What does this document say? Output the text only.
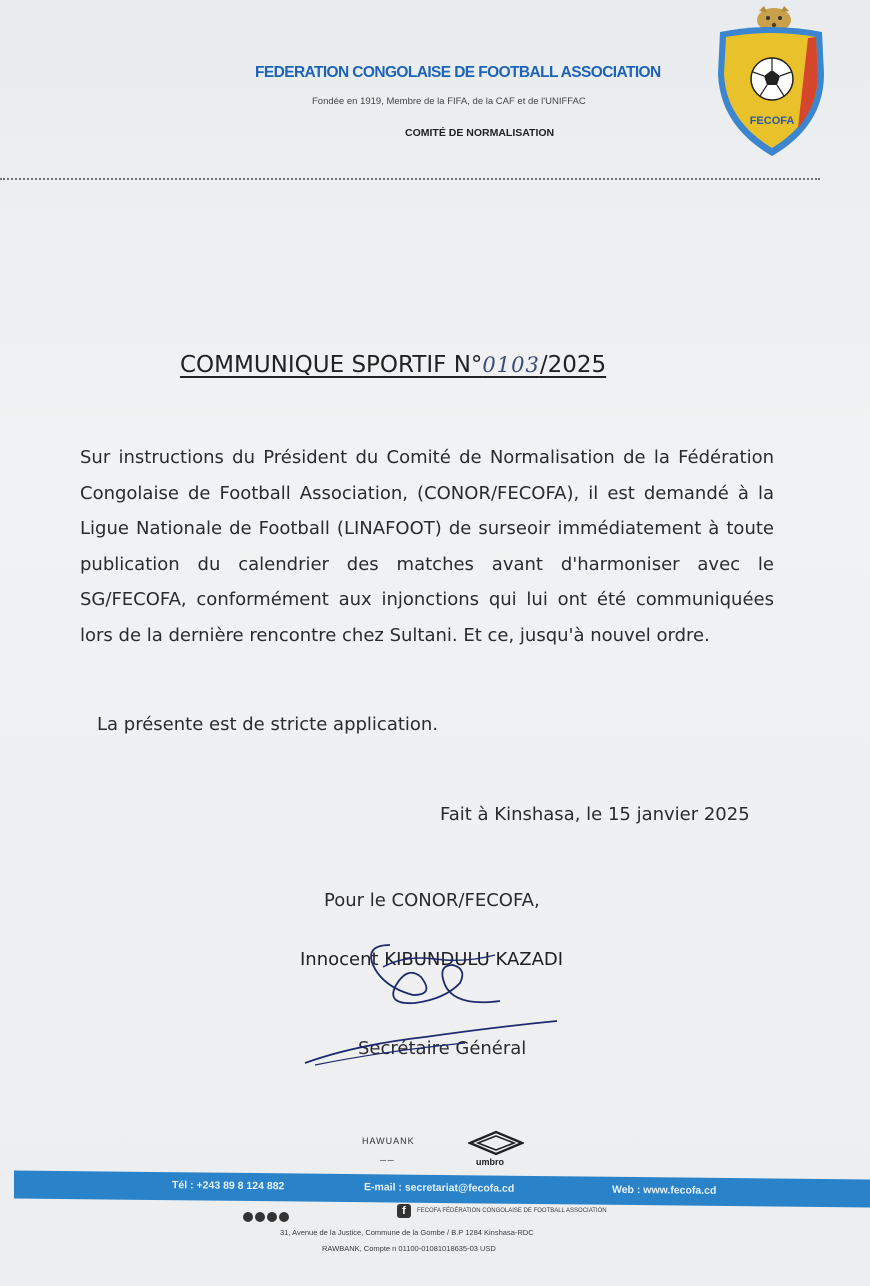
FEDERATION CONGOLAISE DE FOOTBALL ASSOCIATION
Fondée en 1919, Membre de la FIFA, de la CAF et de l'UNIFFAC
COMITÉ DE NORMALISATION
FECOFA
COMMUNIQUE SPORTIF N°0103/2025
Sur instructions du Président du Comité de Normalisation de la Fédération Congolaise de Football Association, (CONOR/FECOFA), il est demandé à la Ligue Nationale de Football (LINAFOOT) de surseoir immédiatement à toute publication du calendrier des matches avant d'harmoniser avec le SG/FECOFA, conformément aux injonctions qui lui ont été communiquées lors de la dernière rencontre chez Sultani. Et ce, jusqu'à nouvel ordre.
La présente est de stricte application.
Fait à Kinshasa, le 15 janvier 2025
Pour le CONOR/FECOFA,
Innocent KIBUNDULU KAZADI
Secrétaire Général
HAWUANK
━━ ━━	umbro
Tél : +243 89 8 124 882	E-mail : secretariat@fecofa.cd	Web : www.fecofa.cd
f	FECOFA FÉDÉRATION CONGOLAISE DE FOOTBALL ASSOCIATION
31, Avenue de la Justice, Commune de la Gombe / B.P 1284 Kinshasa-RDC
RAWBANK, Compte n 01100-01081018635-03 USD
